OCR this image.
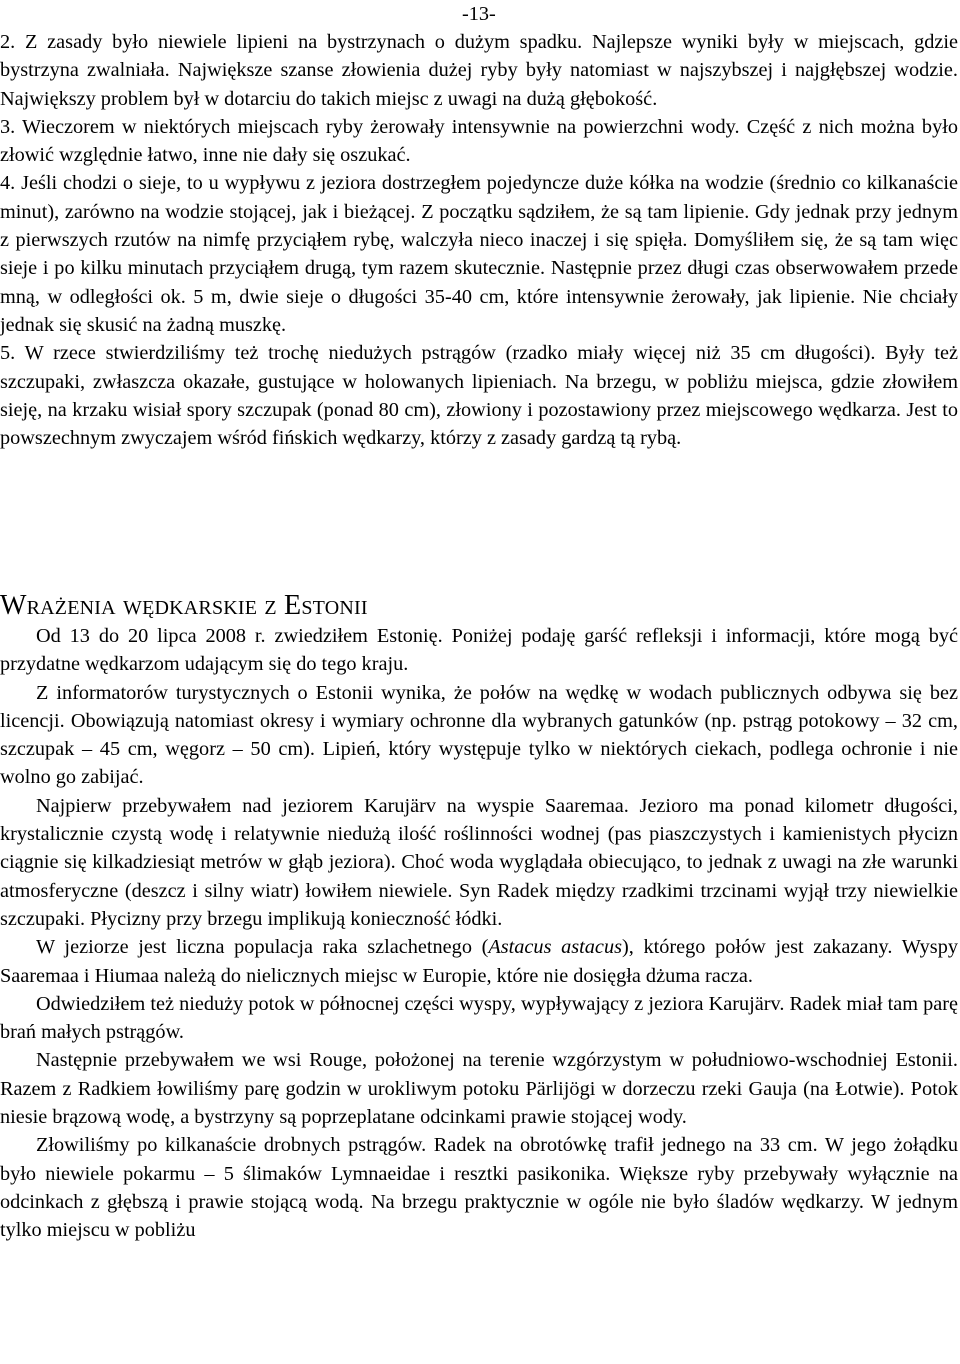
-13-

2. Z zasady było niewiele lipieni na bystrzynach o dużym spadku. Najlepsze wyniki były w miejscach, gdzie bystrzyna zwalniała. Największe szanse złowienia dużej ryby były natomiast w najszybszej i najgłębszej wodzie. Największy problem był w dotarciu do takich miejsc z uwagi na dużą głębokość.

3. Wieczorem w niektórych miejscach ryby żerowały intensywnie na powierzchni wody. Część z nich można było złowić względnie łatwo, inne nie dały się oszukać.

4. Jeśli chodzi o sieje, to u wypływu z jeziora dostrzegłem pojedyncze duże kółka na wodzie (średnio co kilkanaście minut), zarówno na wodzie stojącej, jak i bieżącej. Z początku sądziłem, że są tam lipienie. Gdy jednak przy jednym z pierwszych rzutów na nimfę przyciąłem rybę, walczyła nieco inaczej i się spięła. Domyśliłem się, że są tam więc sieje i po kilku minutach przyciąłem drugą, tym razem skutecznie. Następnie przez długi czas obserwowałem przede mną, w odległości ok. 5 m, dwie sieje o długości 35-40 cm, które intensywnie żerowały, jak lipienie. Nie chciały jednak się skusić na żadną muszkę.

5. W rzece stwierdziliśmy też trochę niedużych pstrągów (rzadko miały więcej niż 35 cm długości). Były też szczupaki, zwłaszcza okazałe, gustujące w holowanych lipieniach. Na brzegu, w pobliżu miejsca, gdzie złowiłem sieję, na krzaku wisiał spory szczupak (ponad 80 cm), złowiony i pozostawiony przez miejscowego wędkarza. Jest to powszechnym zwyczajem wśród fińskich wędkarzy, którzy z zasady gardzą tą rybą.

Wrażenia wędkarskie z Estonii

Od 13 do 20 lipca 2008 r. zwiedziłem Estonię. Poniżej podaję garść refleksji i informacji, które mogą być przydatne wędkarzom udającym się do tego kraju.

Z informatorów turystycznych o Estonii wynika, że połów na wędkę w wodach publicznych odbywa się bez licencji. Obowiązują natomiast okresy i wymiary ochronne dla wybranych gatunków (np. pstrąg potokowy – 32 cm, szczupak – 45 cm, węgorz – 50 cm). Lipień, który występuje tylko w niektórych ciekach, podlega ochronie i nie wolno go zabijać.

Najpierw przebywałem nad jeziorem Karujärv na wyspie Saaremaa. Jezioro ma ponad kilometr długości, krystalicznie czystą wodę i relatywnie niedużą ilość roślinności wodnej (pas piaszczystych i kamienistych płycizn ciągnie się kilkadziesiąt metrów w głąb jeziora). Choć woda wyglądała obiecująco, to jednak z uwagi na złe warunki atmosferyczne (deszcz i silny wiatr) łowiłem niewiele. Syn Radek między rzadkimi trzcinami wyjął trzy niewielkie szczupaki. Płycizny przy brzegu implikują konieczność łódki.

W jeziorze jest liczna populacja raka szlachetnego (Astacus astacus), którego połów jest zakazany. Wyspy Saaremaa i Hiumaa należą do nielicznych miejsc w Europie, które nie dosięgła dżuma racza.

Odwiedziłem też nieduży potok w północnej części wyspy, wypływający z jeziora Karujärv. Radek miał tam parę brań małych pstrągów.

Następnie przebywałem we wsi Rouge, położonej na terenie wzgórzystym w południowo-wschodniej Estonii. Razem z Radkiem łowiliśmy parę godzin w urokliwym potoku Pärlijögi w dorzeczu rzeki Gauja (na Łotwie). Potok niesie brązową wodę, a bystrzyny są poprzeplatane odcinkami prawie stojącej wody.

Złowiliśmy po kilkanaście drobnych pstrągów. Radek na obrotówkę trafił jednego na 33 cm. W jego żołądku było niewiele pokarmu – 5 ślimaków Lymnaeidae i resztki pasikonika. Większe ryby przebywały wyłącznie na odcinkach z głębszą i prawie stojącą wodą. Na brzegu praktycznie w ogóle nie było śladów wędkarzy. W jednym tylko miejscu w pobliżu
